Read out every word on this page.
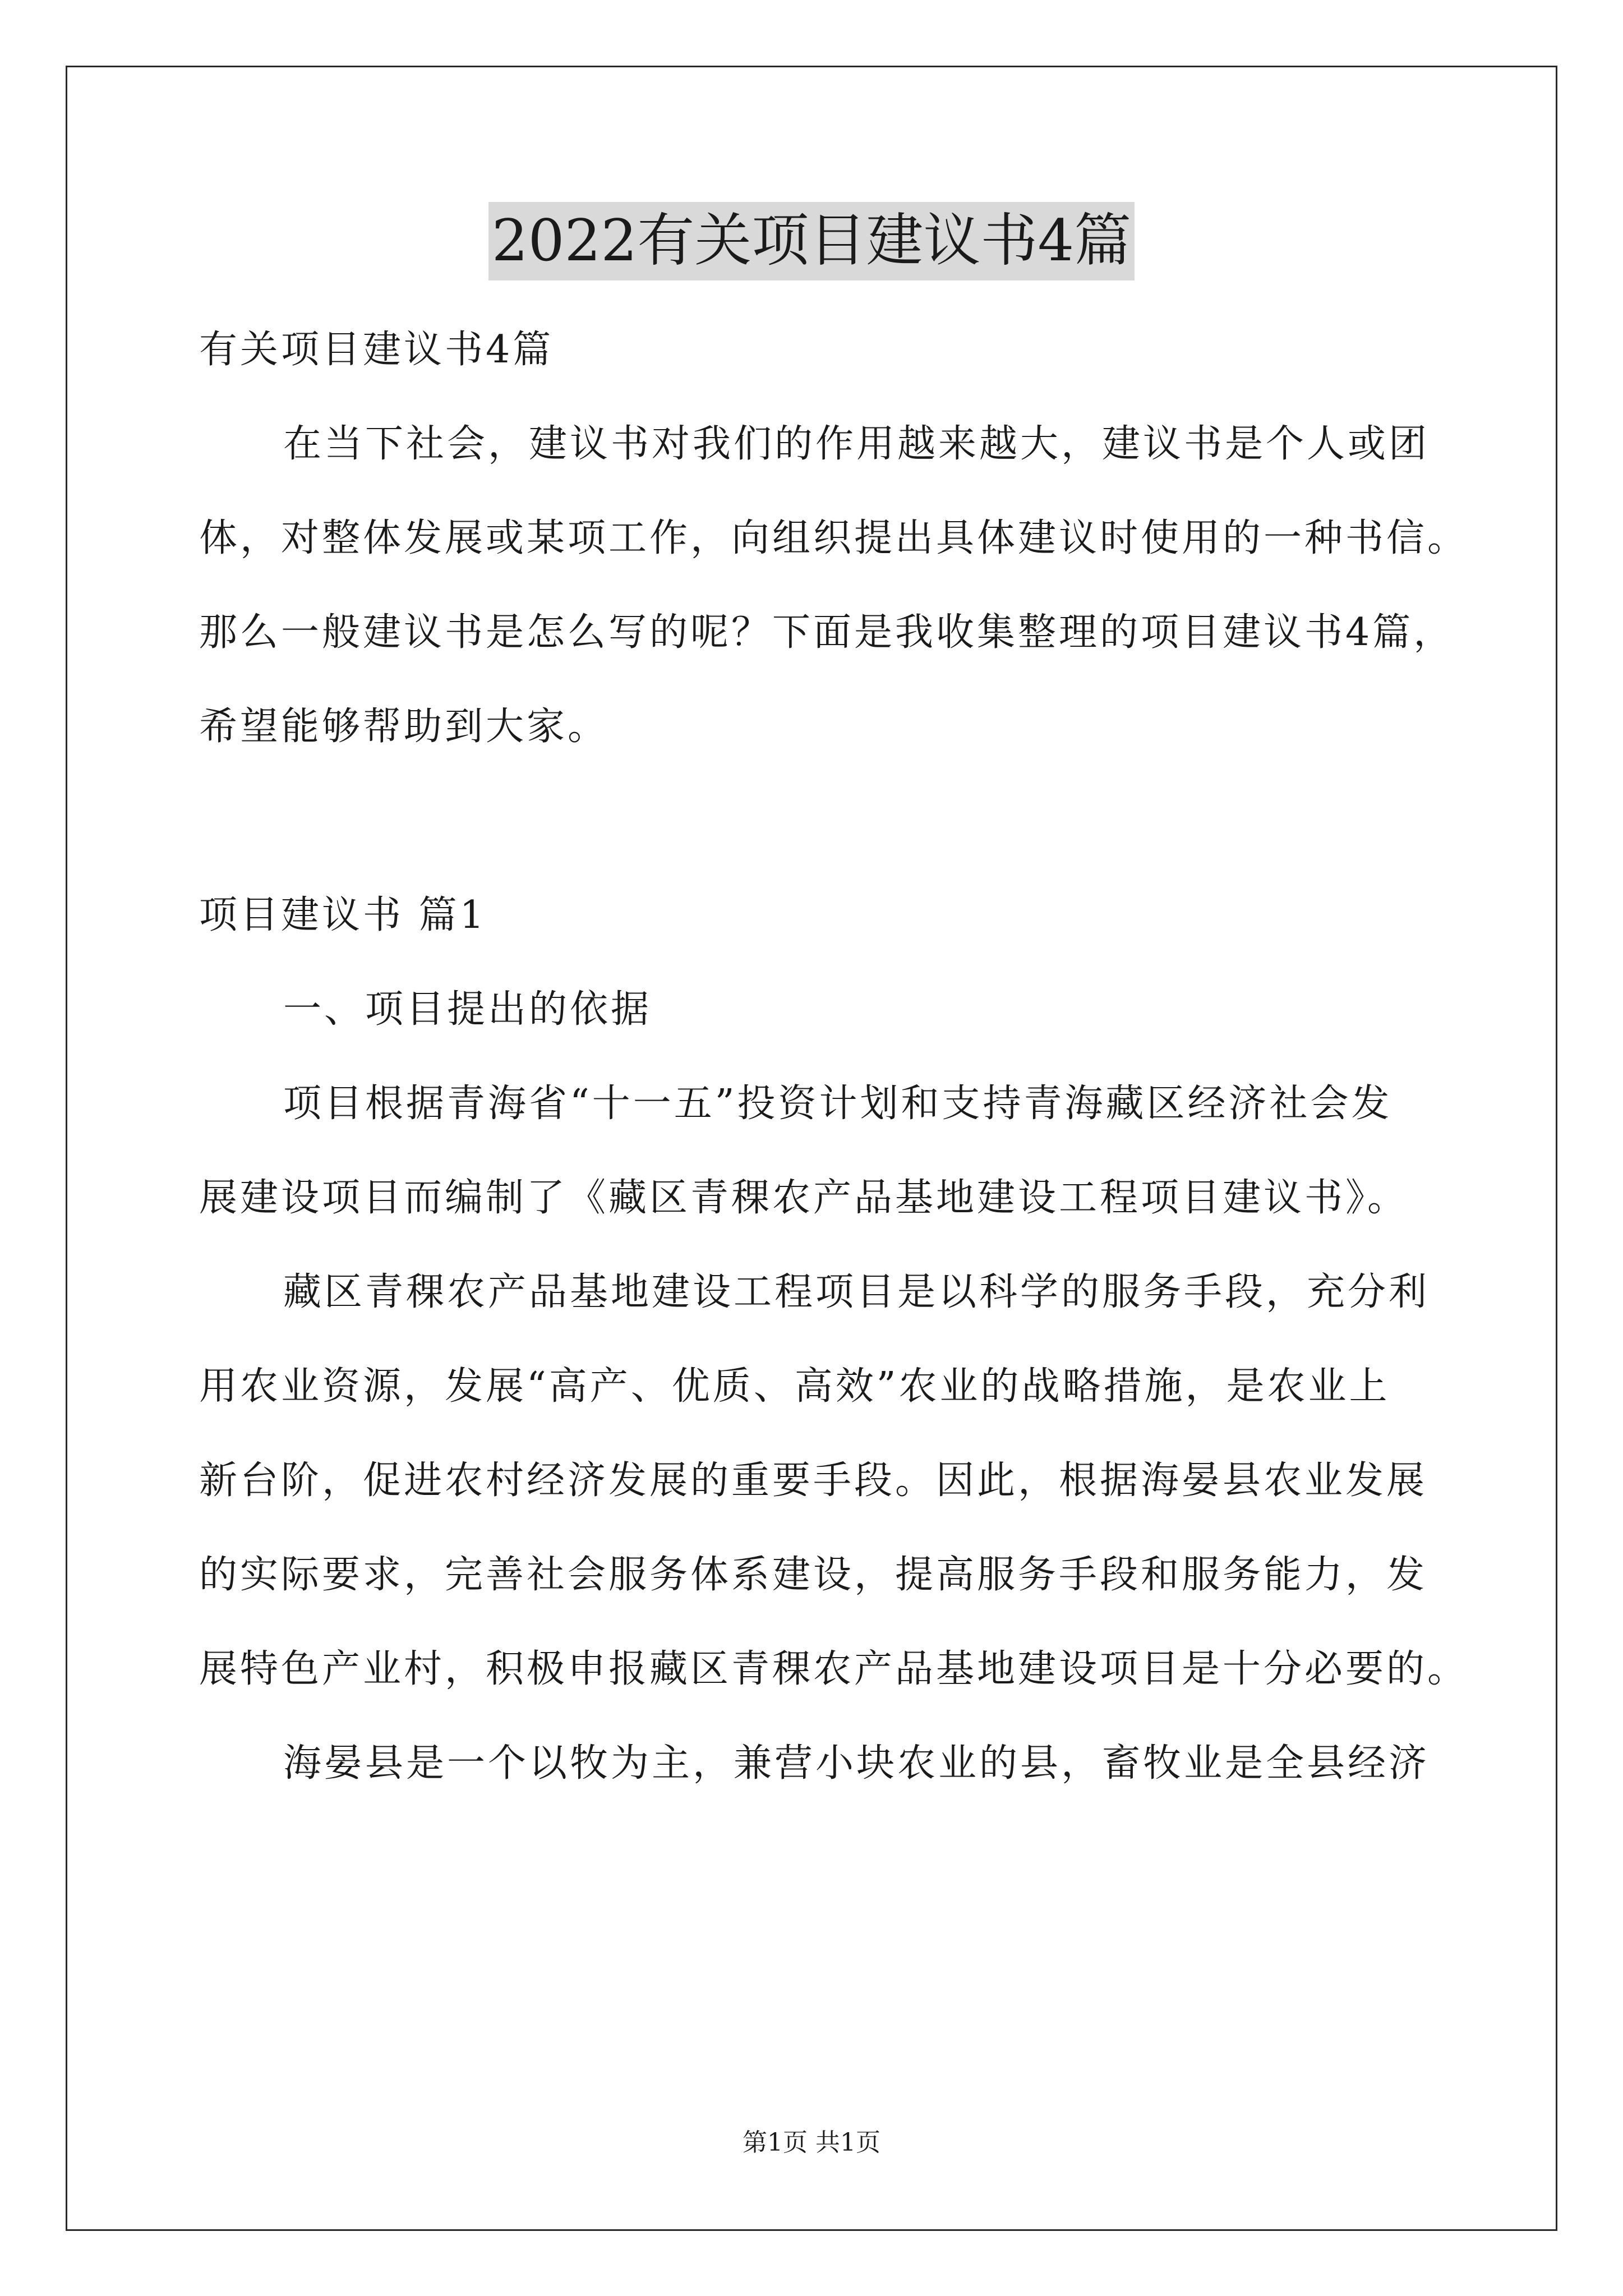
2022有关项目建议书4篇
有关项目建议书4篇
在当下社会，建议书对我们的作用越来越大，建议书是个人或团
体，对整体发展或某项工作，向组织提出具体建议时使用的一种书信。
那么一般建议书是怎么写的呢？下面是我收集整理的项目建议书4篇，
希望能够帮助到大家。
项目建议书 篇1
一、项目提出的依据
项目根据青海省“十一五”投资计划和支持青海藏区经济社会发
展建设项目而编制了《藏区青稞农产品基地建设工程项目建议书》。
藏区青稞农产品基地建设工程项目是以科学的服务手段，充分利
用农业资源，发展“高产、优质、高效”农业的战略措施，是农业上
新台阶，促进农村经济发展的重要手段。因此，根据海晏县农业发展
的实际要求，完善社会服务体系建设，提高服务手段和服务能力，发
展特色产业村，积极申报藏区青稞农产品基地建设项目是十分必要的。
海晏县是一个以牧为主，兼营小块农业的县，畜牧业是全县经济
第1页 共1页
